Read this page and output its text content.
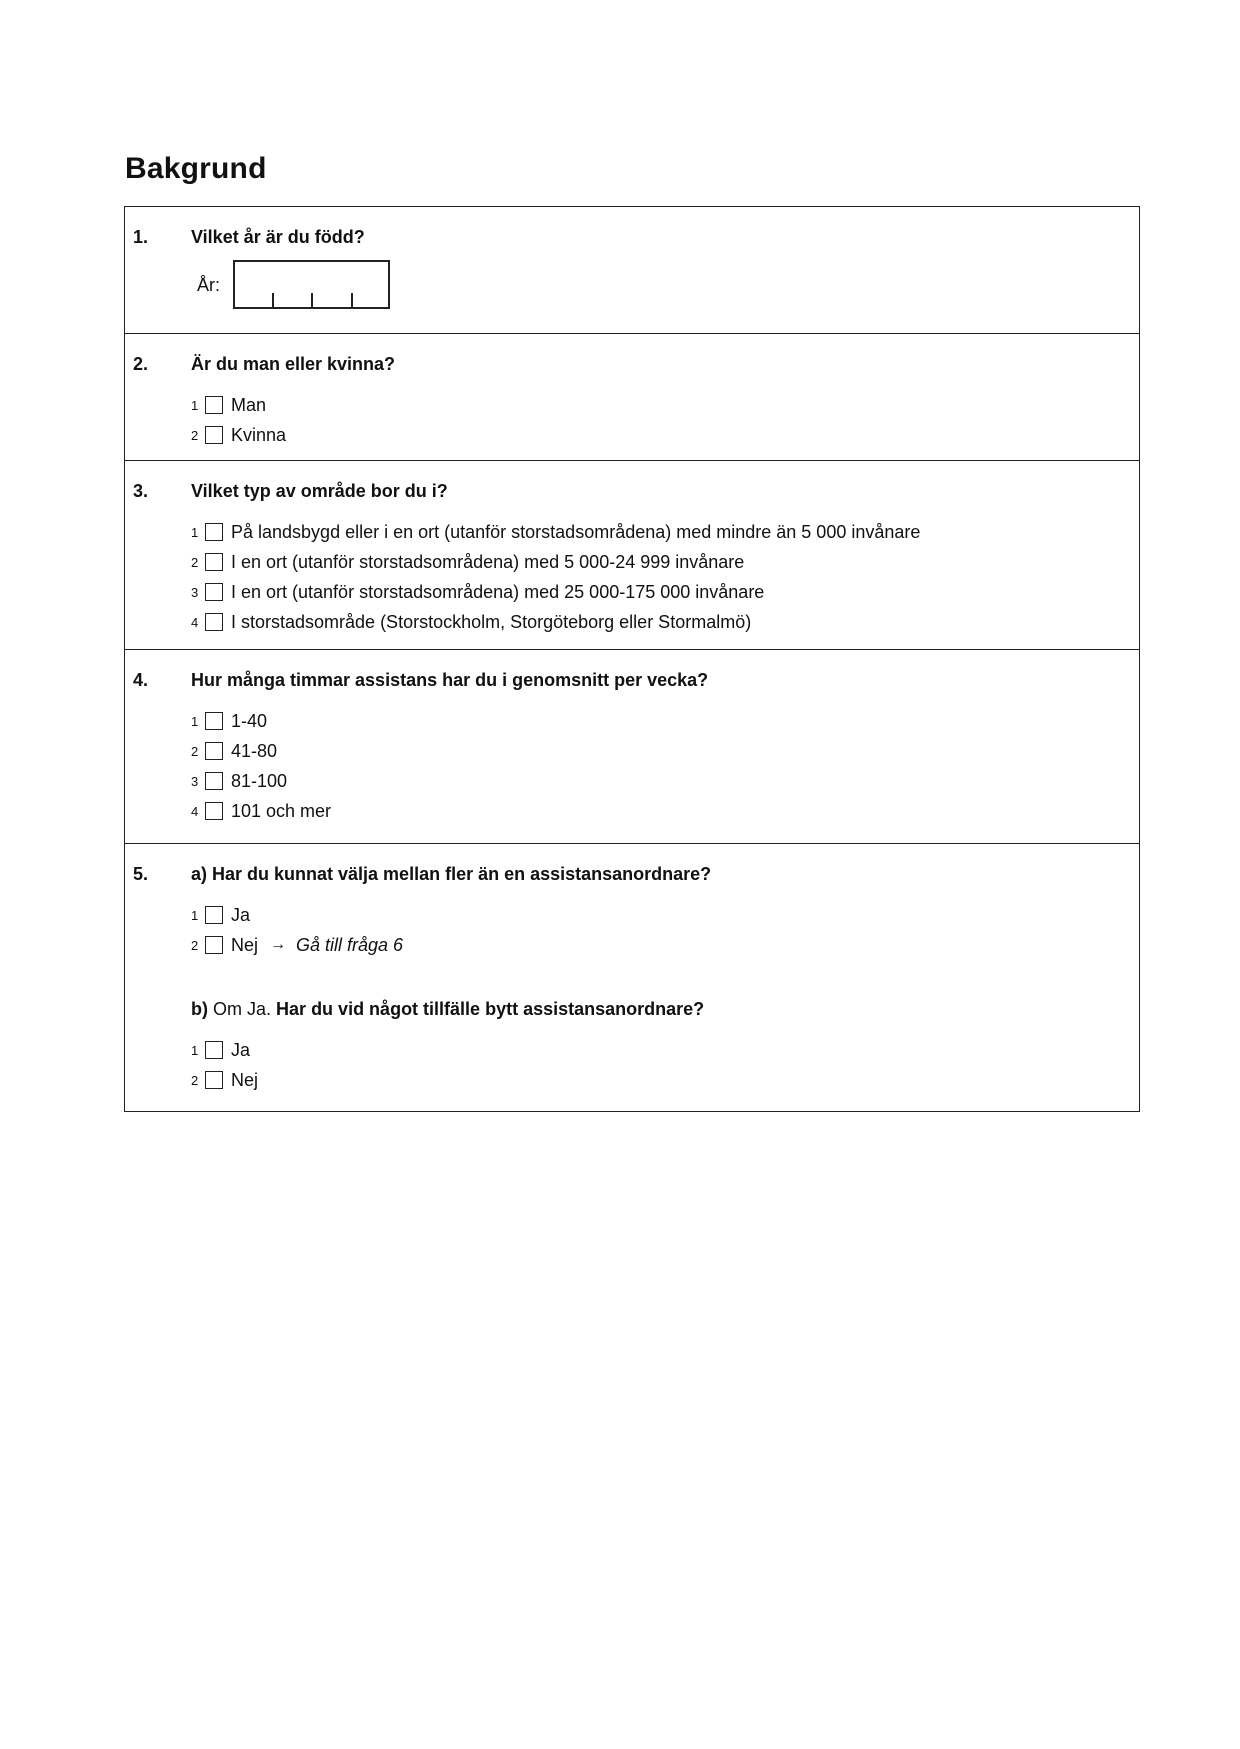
Bakgrund
1. Vilket år är du född?
År:
2. Är du man eller kvinna?
1	Man
2	Kvinna
3. Vilket typ av område bor du i?
1	På landsbygd eller i en ort (utanför storstadsområdena) med mindre än 5 000 invånare
2	I en ort (utanför storstadsområdena) med 5 000-24 999 invånare
3	I en ort (utanför storstadsområdena) med 25 000-175 000 invånare
4	I storstadsområde (Storstockholm, Storgöteborg eller Stormalmö)
4. Hur många timmar assistans har du i genomsnitt per vecka?
1	1-40
2	41-80
3	81-100
4	101 och mer
5. a) Har du kunnat välja mellan fler än en assistansanordnare?
1	Ja
2	Nej → Gå till fråga 6
b) Om Ja. Har du vid något tillfälle bytt assistansanordnare?
1	Ja
2	Nej
